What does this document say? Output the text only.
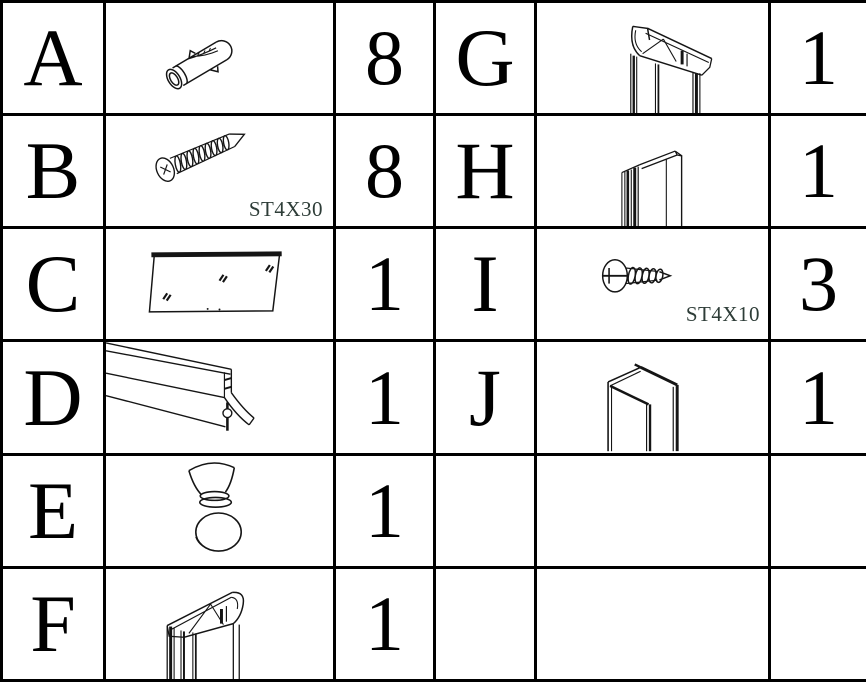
A		8	G		1
B	ST4X30	8	H		1
C		1	I	ST4X10	3
D		1	J		1
E		1			
F		1			
